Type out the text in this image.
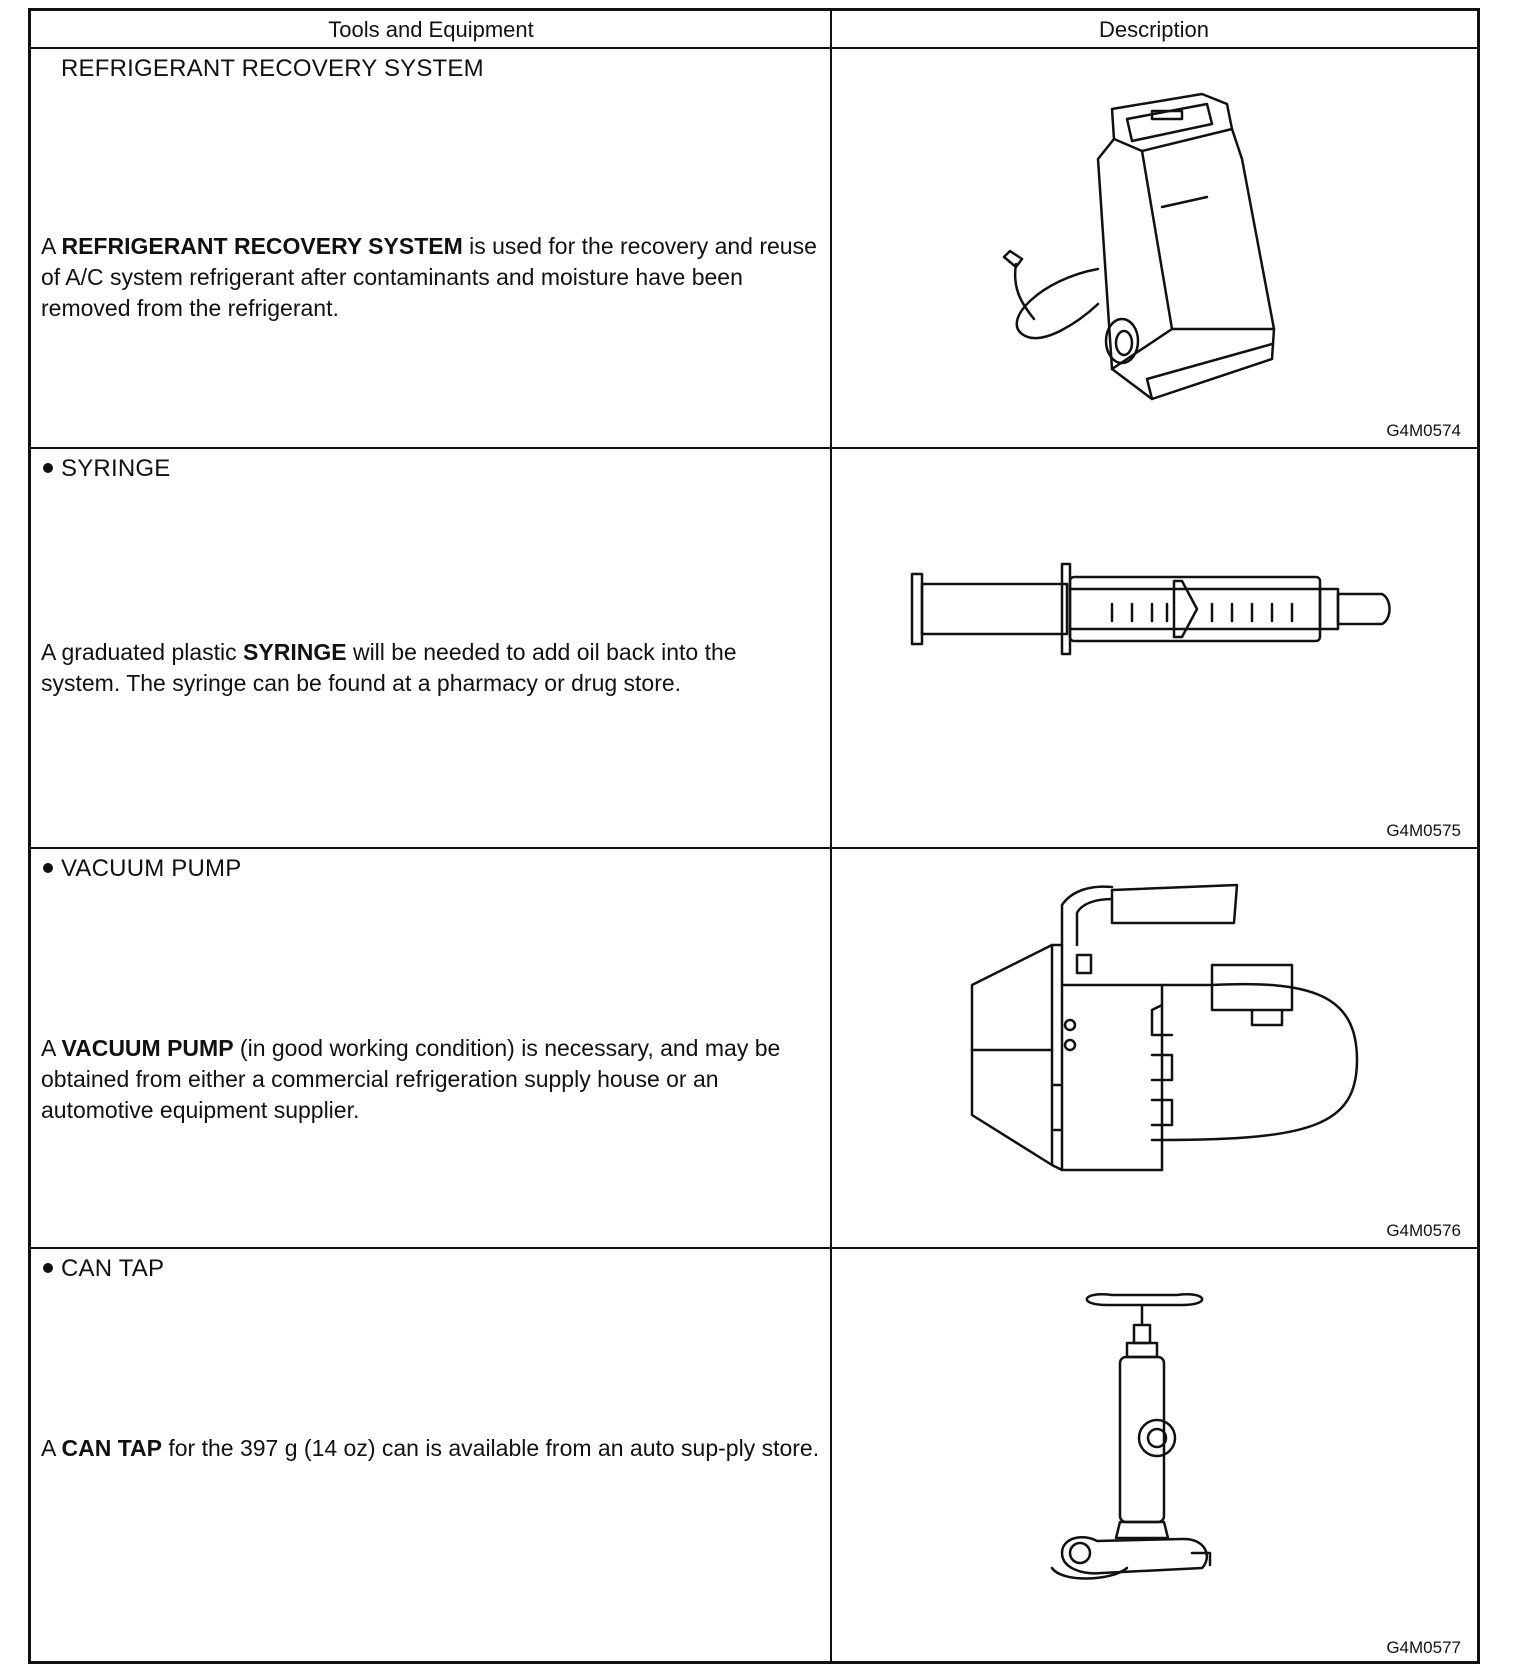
Tools and Equipment	Description
REFRIGERANT RECOVERY SYSTEM
A REFRIGERANT RECOVERY SYSTEM is used for the recovery and reuse of A/C system refrigerant after contaminants and moisture have been removed from the refrigerant.
G4M0574
SYRINGE
A graduated plastic SYRINGE will be needed to add oil back into the system. The syringe can be found at a pharmacy or drug store.
G4M0575
VACUUM PUMP
A VACUUM PUMP (in good working condition) is necessary, and may be obtained from either a commercial refrigeration supply house or an automotive equipment supplier.
G4M0576
CAN TAP
A CAN TAP for the 397 g (14 oz) can is available from an auto sup-ply store.
G4M0577
